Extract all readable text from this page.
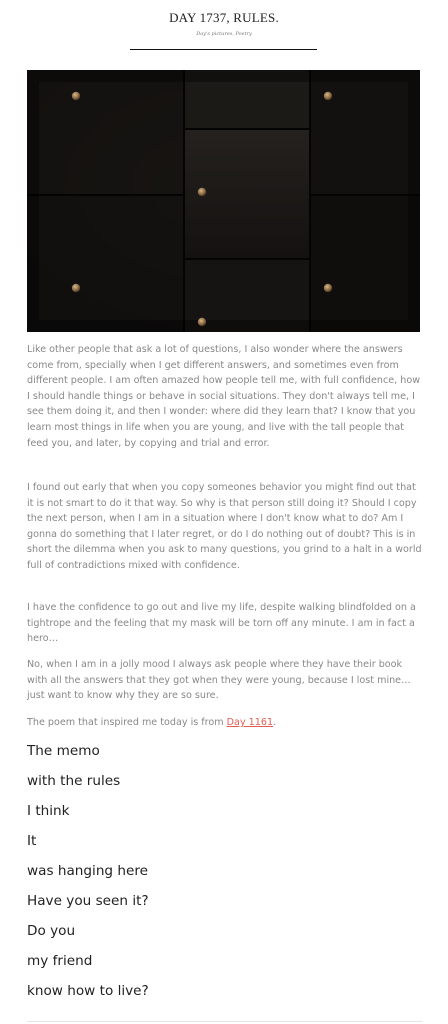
DAY 1737, RULES.
Day's pictures, Poetry

Like other people that ask a lot of questions, I also wonder where the answers come from, specially when I get different answers, and sometimes even from different people. I am often amazed how people tell me, with full confidence, how I should handle things or behave in social situations. They don't always tell me, I see them doing it, and then I wonder: where did they learn that? I know that you learn most things in life when you are young, and live with the tall people that feed you, and later, by copying and trial and error.

I found out early that when you copy someones behavior you might find out that it is not smart to do it that way. So why is that person still doing it? Should I copy the next person, when I am in a situation where I don't know what to do? Am I gonna do something that I later regret, or do I do nothing out of doubt? This is in short the dilemma when you ask to many questions, you grind to a halt in a world full of contradictions mixed with confidence.

I have the confidence to go out and live my life, despite walking blindfolded on a tightrope and the feeling that my mask will be torn off any minute. I am in fact a hero…

No, when I am in a jolly mood I always ask people where they have their book with all the answers that they got when they were young, because I lost mine… just want to know why they are so sure.

The poem that inspired me today is from Day 1161.

The memo
with the rules
I think
It
was hanging here
Have you seen it?
Do you
my friend
know how to live?
